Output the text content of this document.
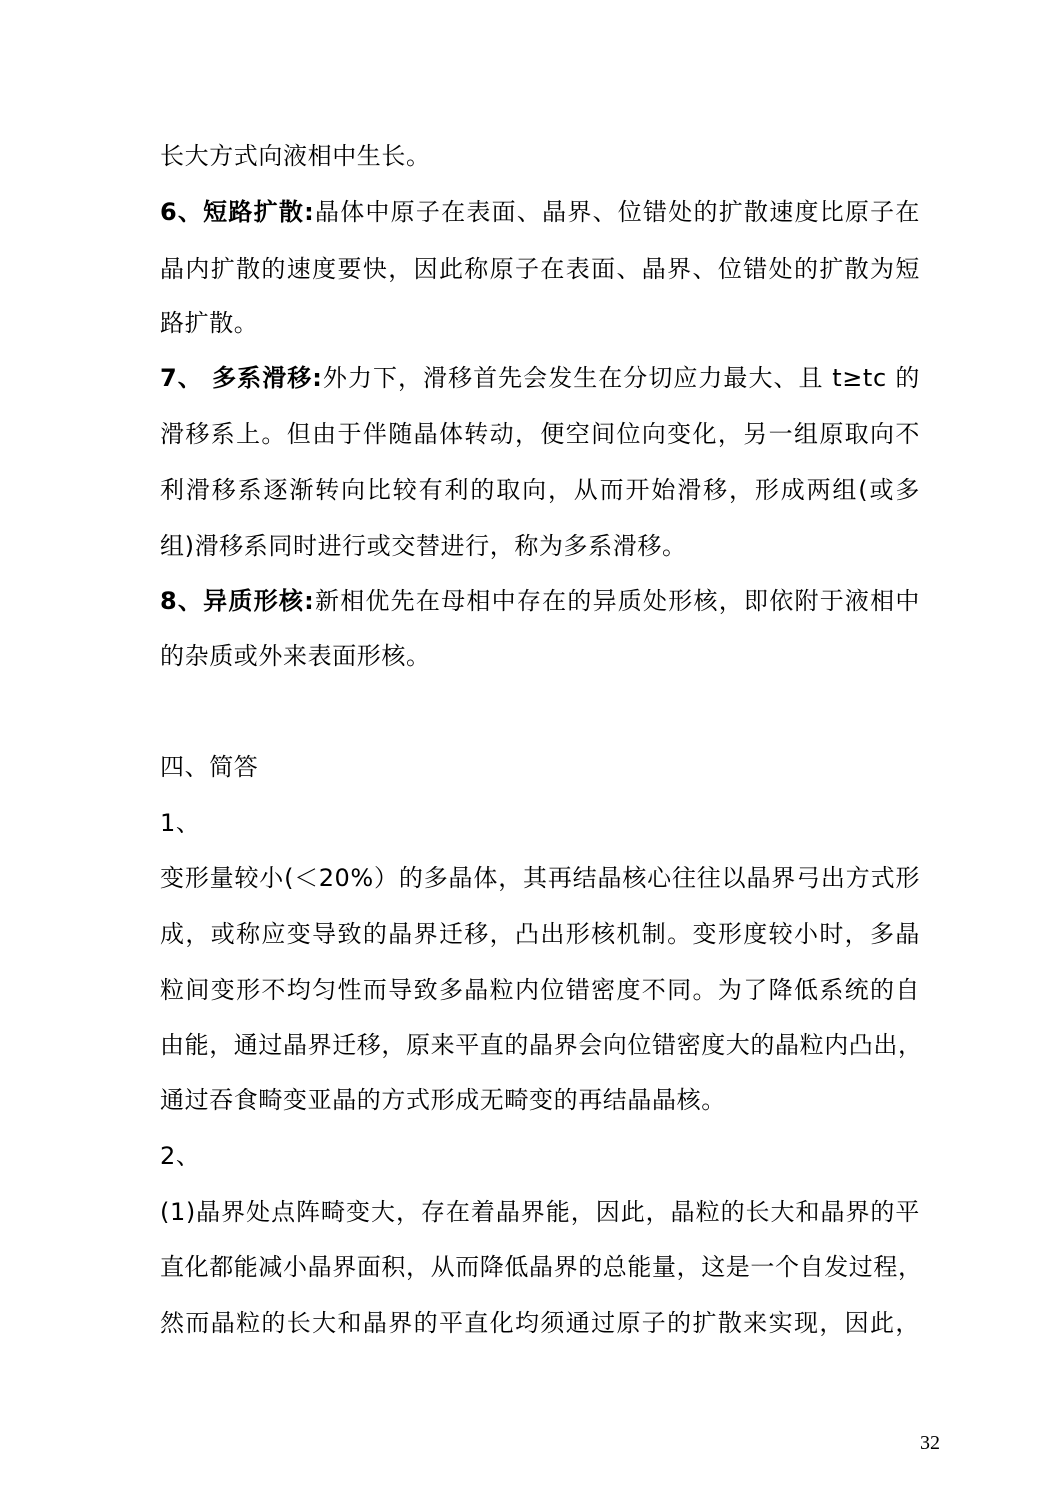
长大方式向液相中生长。
6、短路扩散:晶体中原子在表面、晶界、位错处的扩散速度比原子在
晶内扩散的速度要快，因此称原子在表面、晶界、位错处的扩散为短
路扩散。
7、 多系滑移:外力下，滑移首先会发生在分切应力最大、且 t≥tc 的
滑移系上。但由于伴随晶体转动，便空间位向变化，另一组原取向不
利滑移系逐渐转向比较有利的取向，从而开始滑移，形成两组(或多
组)滑移系同时进行或交替进行，称为多系滑移。
8、异质形核:新相优先在母相中存在的异质处形核，即依附于液相中
的杂质或外来表面形核。
四、简答
1、
变形量较小(＜20%）的多晶体，其再结晶核心往往以晶界弓出方式形
成，或称应变导致的晶界迁移，凸出形核机制。变形度较小时，多晶
粒间变形不均匀性而导致多晶粒内位错密度不同。为了降低系统的自
由能，通过晶界迁移，原来平直的晶界会向位错密度大的晶粒内凸出，
通过吞食畸变亚晶的方式形成无畸变的再结晶晶核。
2、
(1)晶界处点阵畸变大，存在着晶界能，因此，晶粒的长大和晶界的平
直化都能减小晶界面积，从而降低晶界的总能量，这是一个自发过程，
然而晶粒的长大和晶界的平直化均须通过原子的扩散来实现，因此，
32
